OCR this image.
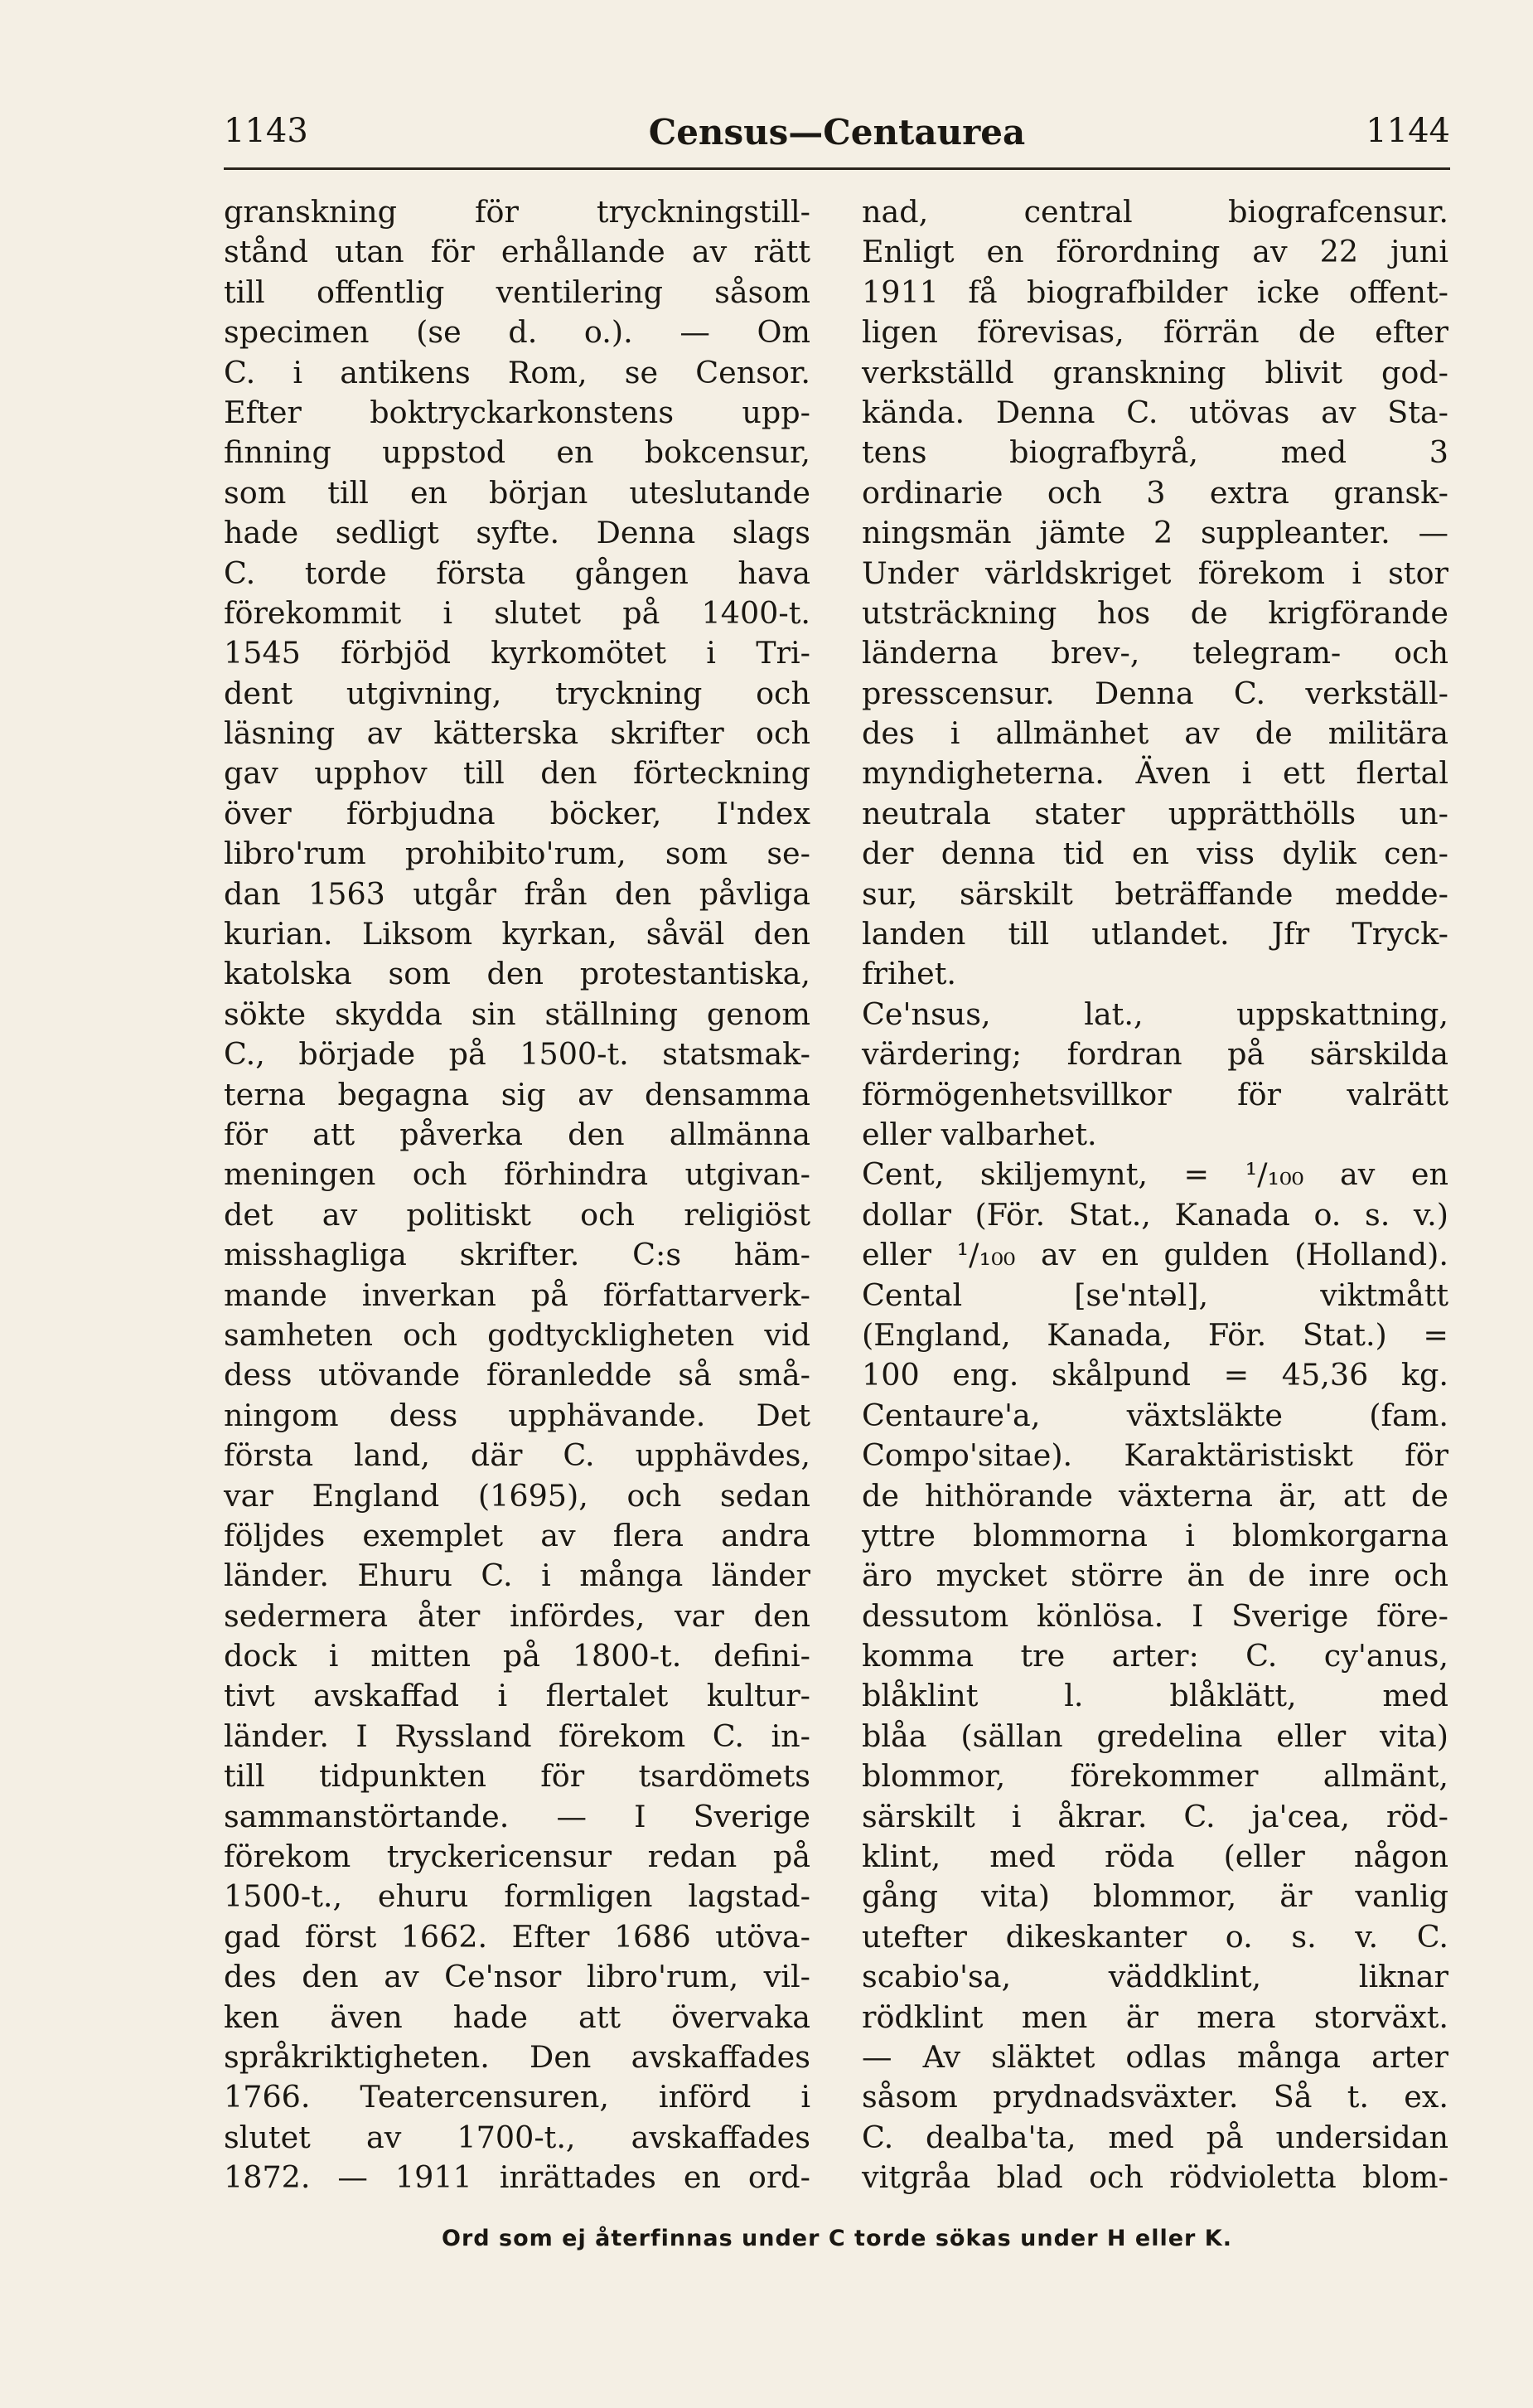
1143	Census—Centaurea	1144
granskning för tryckningstill-
stånd utan för erhållande av rätt
till offentlig ventilering såsom
specimen (se d. o.). — Om
C. i antikens Rom, se Censor.
Efter boktryckarkonstens upp-
finning uppstod en bokcensur,
som till en början uteslutande
hade sedligt syfte. Denna slags
C. torde första gången hava
förekommit i slutet på 1400-t.
1545 förbjöd kyrkomötet i Tri-
dent utgivning, tryckning och
läsning av kätterska skrifter och
gav upphov till den förteckning
över förbjudna böcker, I'ndex
libro'rum prohibito'rum, som se-
dan 1563 utgår från den påvliga
kurian. Liksom kyrkan, såväl den
katolska som den protestantiska,
sökte skydda sin ställning genom
C., började på 1500-t. statsmak-
terna begagna sig av densamma
för att påverka den allmänna
meningen och förhindra utgivan-
det av politiskt och religiöst
misshagliga skrifter. C:s häm-
mande inverkan på författarverk-
samheten och godtyckligheten vid
dess utövande föranledde så små-
ningom dess upphävande. Det
första land, där C. upphävdes,
var England (1695), och sedan
följdes exemplet av flera andra
länder. Ehuru C. i många länder
sedermera åter infördes, var den
dock i mitten på 1800-t. defini-
tivt avskaffad i flertalet kultur-
länder. I Ryssland förekom C. in-
till tidpunkten för tsardömets
sammanstörtande. — I Sverige
förekom tryckericensur redan på
1500-t., ehuru formligen lagstad-
gad först 1662. Efter 1686 utöva-
des den av Ce'nsor libro'rum, vil-
ken även hade att övervaka
språkriktigheten. Den avskaffades
1766. Teatercensuren, införd i
slutet av 1700-t., avskaffades
1872. — 1911 inrättades en ord-
nad, central biografcensur.
Enligt en förordning av 22 juni
1911 få biografbilder icke offent-
ligen förevisas, förrän de efter
verkställd granskning blivit god-
kända. Denna C. utövas av Sta-
tens biografbyrå, med 3
ordinarie och 3 extra gransk-
ningsmän jämte 2 suppleanter. —
Under världskriget förekom i stor
utsträckning hos de krigförande
länderna brev-, telegram- och
presscensur. Denna C. verkställ-
des i allmänhet av de militära
myndigheterna. Även i ett flertal
neutrala stater upprätthölls un-
der denna tid en viss dylik cen-
sur, särskilt beträffande medde-
landen till utlandet. Jfr Tryck-
frihet.
Ce'nsus, lat., uppskattning,
värdering; fordran på särskilda
förmögenhetsvillkor för valrätt
eller valbarhet.
Cent, skiljemynt, = ¹/₁₀₀ av en
dollar (För. Stat., Kanada o. s. v.)
eller ¹/₁₀₀ av en gulden (Holland).
Cental [se'ntəl], viktmått
(England, Kanada, För. Stat.) =
100 eng. skålpund = 45,36 kg.
Centaure'a, växtsläkte (fam.
Compo'sitae). Karaktäristiskt för
de hithörande växterna är, att de
yttre blommorna i blomkorgarna
äro mycket större än de inre och
dessutom könlösa. I Sverige före-
komma tre arter: C. cy'anus,
blåklint l. blåklätt, med
blåa (sällan gredelina eller vita)
blommor, förekommer allmänt,
särskilt i åkrar. C. ja'cea, röd-
klint, med röda (eller någon
gång vita) blommor, är vanlig
utefter dikeskanter o. s. v. C.
scabio'sa, väddklint, liknar
rödklint men är mera storväxt.
— Av släktet odlas många arter
såsom prydnadsväxter. Så t. ex.
C. dealba'ta, med på undersidan
vitgråa blad och rödvioletta blom-
Ord som ej återfinnas under C torde sökas under H eller K.
